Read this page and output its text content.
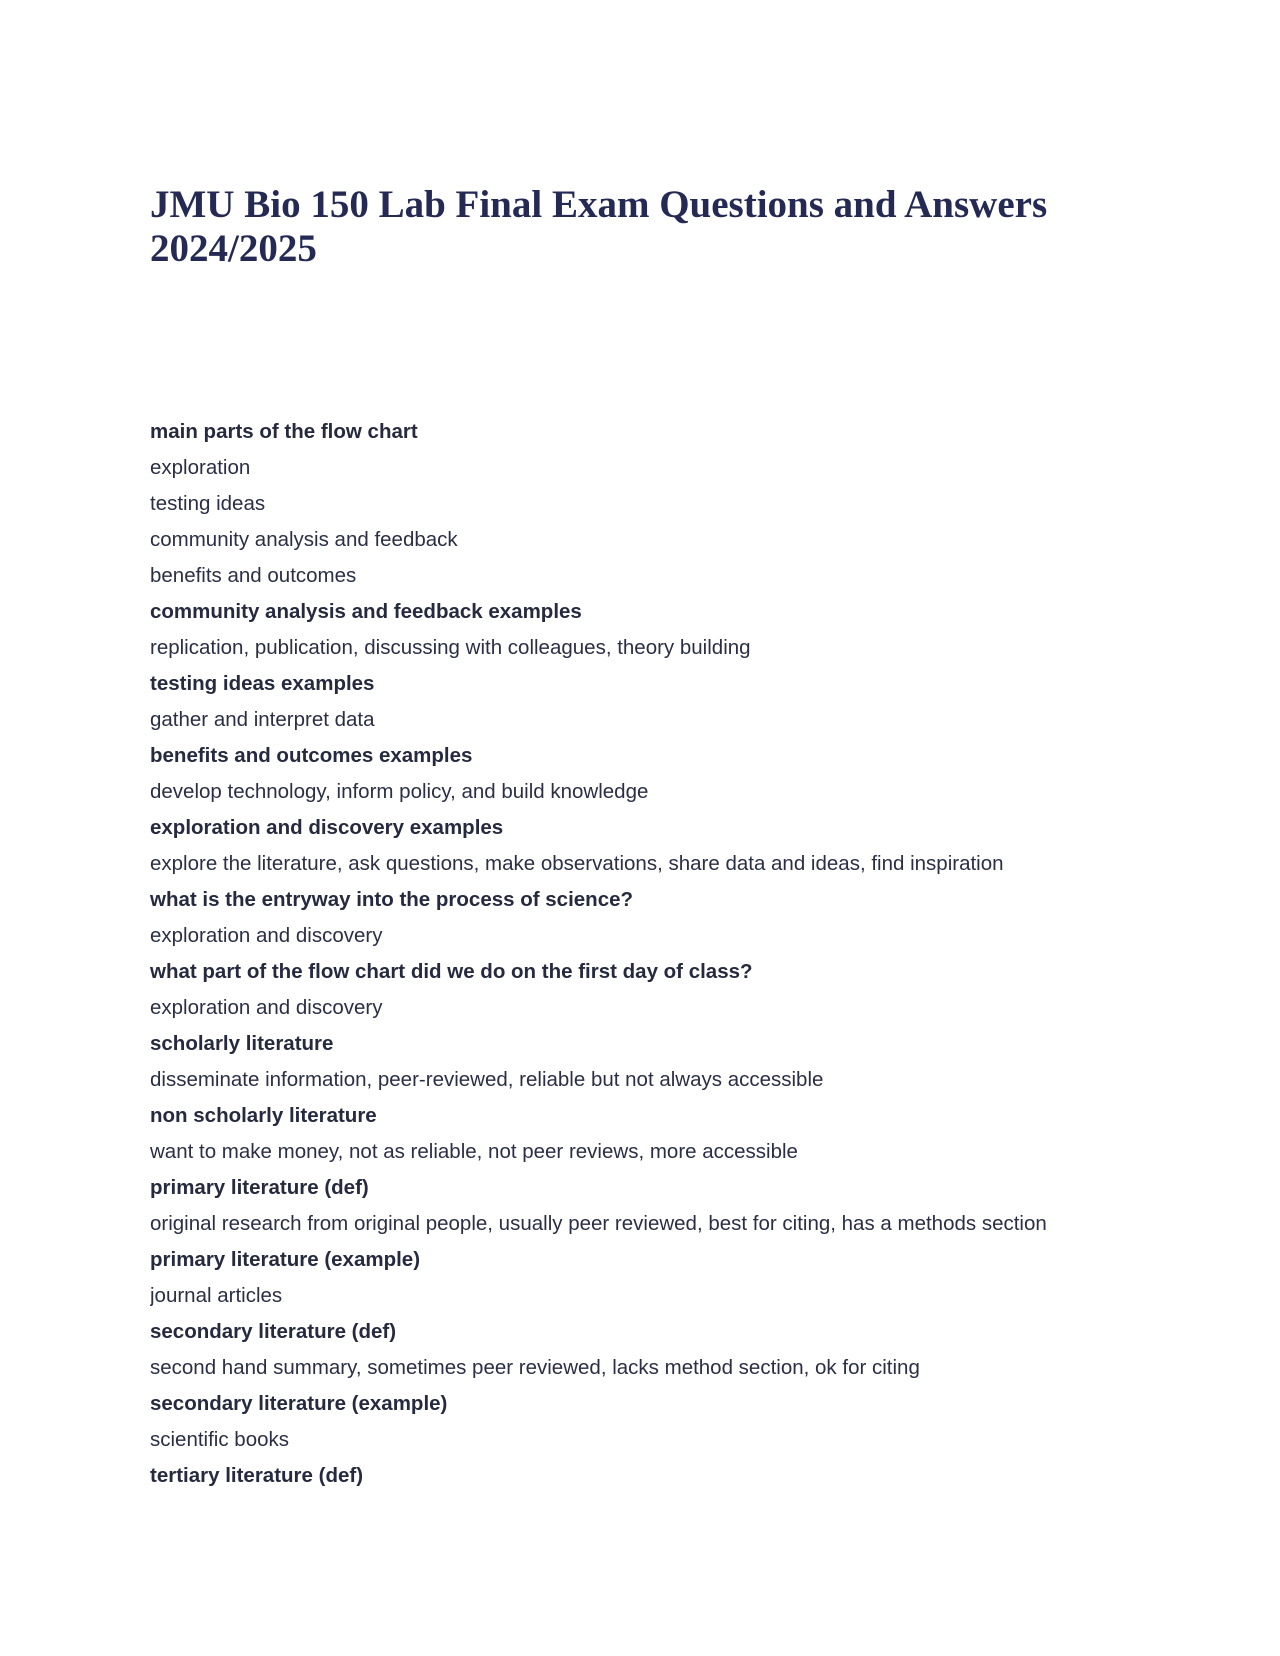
JMU Bio 150 Lab Final Exam Questions and Answers 2024/2025
main parts of the flow chart
exploration
testing ideas
community analysis and feedback
benefits and outcomes
community analysis and feedback examples
replication, publication, discussing with colleagues, theory building
testing ideas examples
gather and interpret data
benefits and outcomes examples
develop technology, inform policy, and build knowledge
exploration and discovery examples
explore the literature, ask questions, make observations, share data and ideas, find inspiration
what is the entryway into the process of science?
exploration and discovery
what part of the flow chart did we do on the first day of class?
exploration and discovery
scholarly literature
disseminate information, peer-reviewed, reliable but not always accessible
non scholarly literature
want to make money, not as reliable, not peer reviews, more accessible
primary literature (def)
original research from original people, usually peer reviewed, best for citing, has a methods section
primary literature (example)
journal articles
secondary literature (def)
second hand summary, sometimes peer reviewed, lacks method section, ok for citing
secondary literature (example)
scientific books
tertiary literature (def)
